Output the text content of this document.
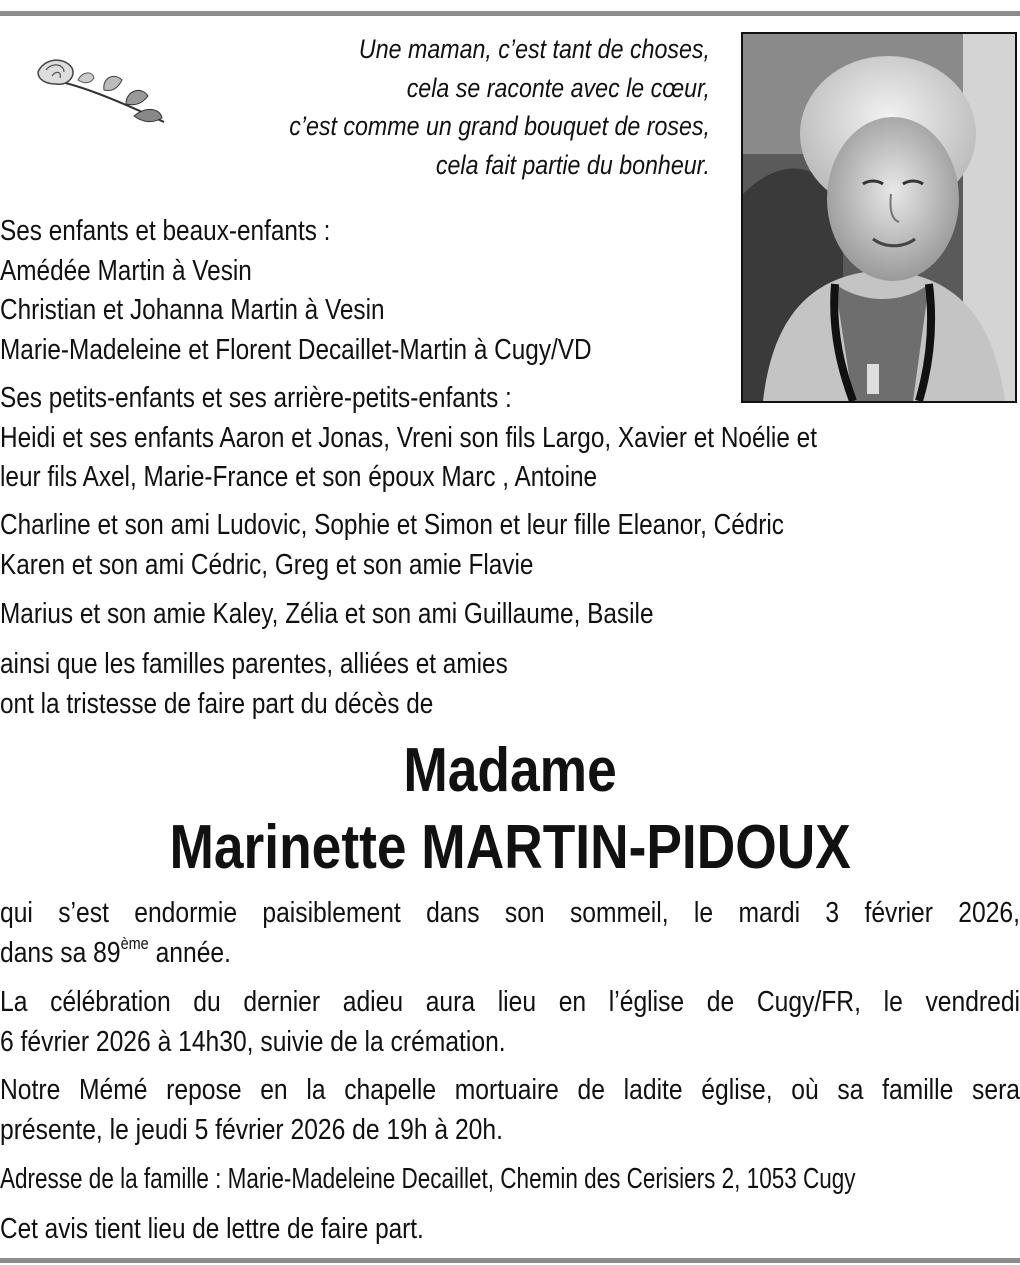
Une maman, c’est tant de choses,
cela se raconte avec le cœur,
c’est comme un grand bouquet de roses,
cela fait partie du bonheur.
Ses enfants et beaux-enfants :
Amédée Martin à Vesin
Christian et Johanna Martin à Vesin
Marie-Madeleine et Florent Decaillet-Martin à Cugy/VD
Ses petits-enfants et ses arrière-petits-enfants :
Heidi et ses enfants Aaron et Jonas, Vreni son fils Largo, Xavier et Noélie et
leur fils Axel, Marie-France et son époux Marc , Antoine
Charline et son ami Ludovic, Sophie et Simon et leur fille Eleanor, Cédric
Karen et son ami Cédric, Greg et son amie Flavie
Marius et son amie Kaley, Zélia et son ami Guillaume, Basile
ainsi que les familles parentes, alliées et amies
ont la tristesse de faire part du décès de
Madame
Marinette MARTIN-PIDOUX
qui s’est endormie paisiblement dans son sommeil, le mardi 3 février 2026,
dans sa 89ème année.
La célébration du dernier adieu aura lieu en l’église de Cugy/FR, le vendredi
6 février 2026 à 14h30, suivie de la crémation.
Notre Mémé repose en la chapelle mortuaire de ladite église, où sa famille sera
présente, le jeudi 5 février 2026 de 19h à 20h.
Adresse de la famille : Marie-Madeleine Decaillet, Chemin des Cerisiers 2, 1053 Cugy
Cet avis tient lieu de lettre de faire part.
